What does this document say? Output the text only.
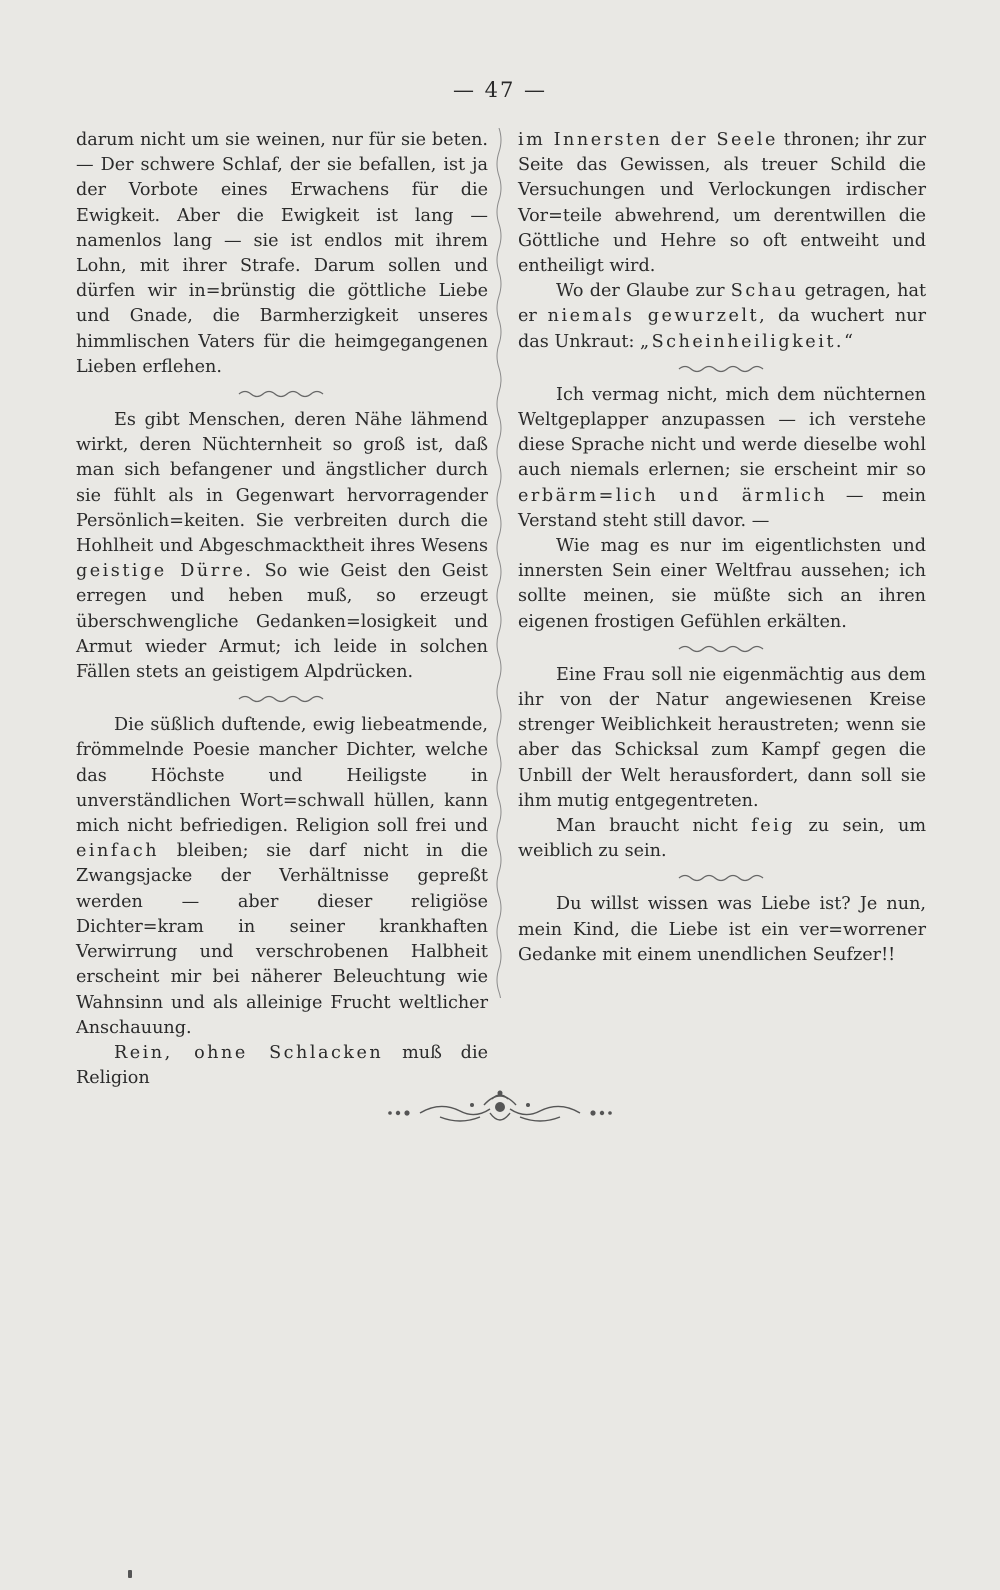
— 47 —

darum nicht um sie weinen, nur für sie beten. — Der schwere Schlaf, der sie befallen, ist ja der Vorbote eines Erwachens für die Ewigkeit. Aber die Ewigkeit ist lang — namenlos lang — sie ist endlos mit ihrem Lohn, mit ihrer Strafe. Darum sollen und dürfen wir in=brünstig die göttliche Liebe und Gnade, die Barmherzigkeit unseres himmlischen Vaters für die heimgegangenen Lieben erflehen.

Es gibt Menschen, deren Nähe lähmend wirkt, deren Nüchternheit so groß ist, daß man sich befangener und ängstlicher durch sie fühlt als in Gegenwart hervorragender Persönlich=keiten. Sie verbreiten durch die Hohlheit und Abgeschmacktheit ihres Wesens geistige Dürre. So wie Geist den Geist erregen und heben muß, so erzeugt überschwengliche Gedanken=losigkeit und Armut wieder Armut; ich leide in solchen Fällen stets an geistigem Alpdrücken.

Die süßlich duftende, ewig liebeatmende, frömmelnde Poesie mancher Dichter, welche das Höchste und Heiligste in unverständlichen Wort=schwall hüllen, kann mich nicht befriedigen. Religion soll frei und einfach bleiben; sie darf nicht in die Zwangsjacke der Verhältnisse gepreßt werden — aber dieser religiöse Dichter=kram in seiner krankhaften Verwirrung und verschrobenen Halbheit erscheint mir bei näherer Beleuchtung wie Wahnsinn und als alleinige Frucht weltlicher Anschauung.

Rein, ohne Schlacken muß die Religion

im Innersten der Seele thronen; ihr zur Seite das Gewissen, als treuer Schild die Versuchungen und Verlockungen irdischer Vor=teile abwehrend, um derentwillen die Göttliche und Hehre so oft entweiht und entheiligt wird.

Wo der Glaube zur Schau getragen, hat er niemals gewurzelt, da wuchert nur das Unkraut: „Scheinheiligkeit.“

Ich vermag nicht, mich dem nüchternen Weltgeplapper anzupassen — ich verstehe diese Sprache nicht und werde dieselbe wohl auch niemals erlernen; sie erscheint mir so erbärm=lich und ärmlich — mein Verstand steht still davor. —

Wie mag es nur im eigentlichsten und innersten Sein einer Weltfrau aussehen; ich sollte meinen, sie müßte sich an ihren eigenen frostigen Gefühlen erkälten.

Eine Frau soll nie eigenmächtig aus dem ihr von der Natur angewiesenen Kreise strenger Weiblichkeit heraustreten; wenn sie aber das Schicksal zum Kampf gegen die Unbill der Welt herausfordert, dann soll sie ihm mutig entgegentreten.

Man braucht nicht feig zu sein, um weiblich zu sein.

Du willst wissen was Liebe ist? Je nun, mein Kind, die Liebe ist ein ver=worrener Gedanke mit einem unendlichen Seufzer!!
